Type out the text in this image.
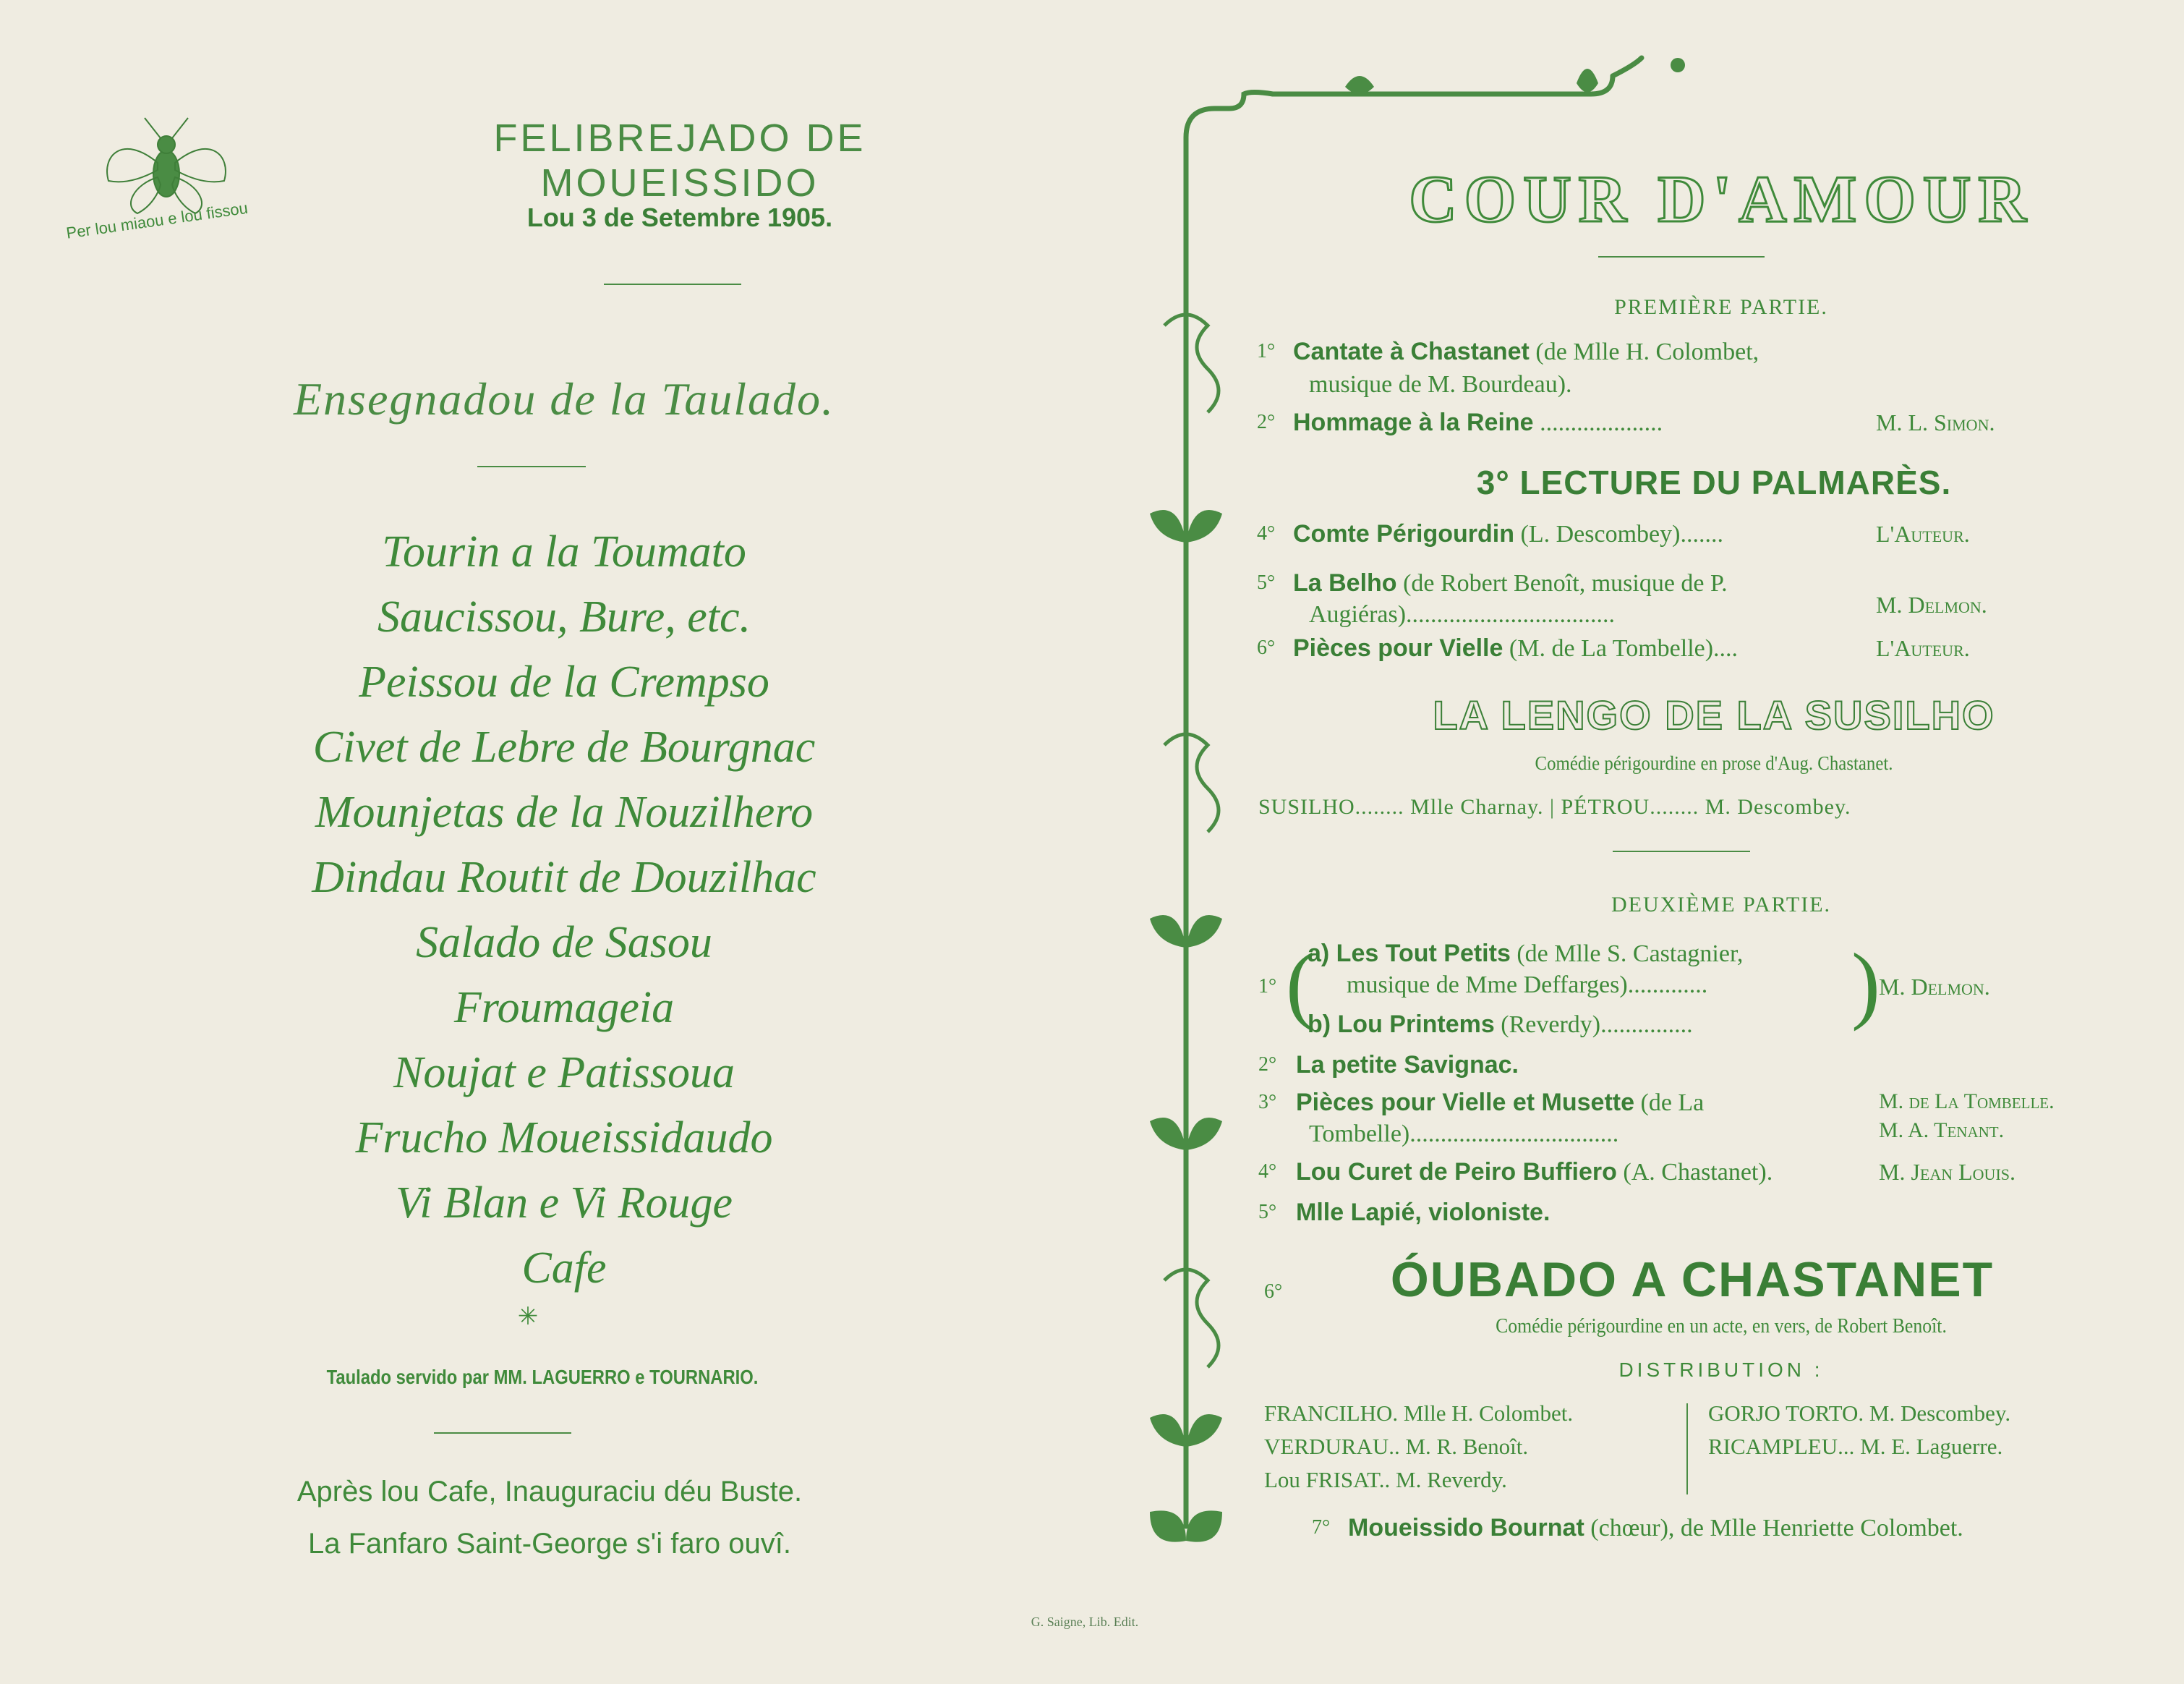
Per lou miaou e lou fissou
FELIBREJADO DE MOUEISSIDO
Lou 3 de Setembre 1905.
Ensegnadou de la Taulado.
Tourin a la Toumato
Saucissou, Bure, etc.
Peissou de la Crempso
Civet de Lebre de Bourgnac
Mounjetas de la Nouzilhero
Dindau Routit de Douzilhac
Salado de Sasou
Froumageia
Noujat e Patissoua
Frucho Moueissidaudo
Vi Blan e Vi Rouge
Cafe
✳
Taulado servido par MM. LAGUERRO e TOURNARIO.
Après lou Cafe, Inauguraciu déu Buste.
La Fanfaro Saint-George s'i faro ouvî.
G. Saigne, Lib. Edit.
COUR D'AMOUR
PREMIÈRE PARTIE.
1° Cantate à Chastanet (de Mlle H. Colombet,
musique de M. Bourdeau).
2° Hommage à la Reine ....................	M. L. Simon.
3° LECTURE DU PALMARÈS.
4° Comte Périgourdin (L. Descombey).......	L'Auteur.
5° La Belho (de Robert Benoît, musique de P.
Augiéras)..................................	M. Delmon.
6° Pièces pour Vielle (M. de La Tombelle)....	L'Auteur.
LA LENGO DE LA SUSILHO
Comédie périgourdine en prose d'Aug. Chastanet.
SUSILHO........ Mlle Charnay. | PÉTROU........ M. Descombey.
DEUXIÈME PARTIE.
1° (
a) Les Tout Petits (de Mlle S. Castagnier,
musique de Mme Deffarges).............
b) Lou Printems (Reverdy)............... )
M. Delmon.
2° La petite Savignac.
3° Pièces pour Vielle et Musette (de La
Tombelle)..................................
M. de La Tombelle.
M. A. Tenant.
4° Lou Curet de Peiro Buffiero (A. Chastanet).	M. Jean Louis.
5° Mlle Lapié, violoniste.
6°	ÓUBADO A CHASTANET
Comédie périgourdine en un acte, en vers, de Robert Benoît.
DISTRIBUTION :
FRANCILHO. Mlle H. Colombet.
VERDURAU.. M. R. Benoît.
Lou FRISAT.. M. Reverdy.
GORJO TORTO. M. Descombey.
RICAMPLEU... M. E. Laguerre.
7° Moueissido Bournat (chœur), de Mlle Henriette Colombet.
